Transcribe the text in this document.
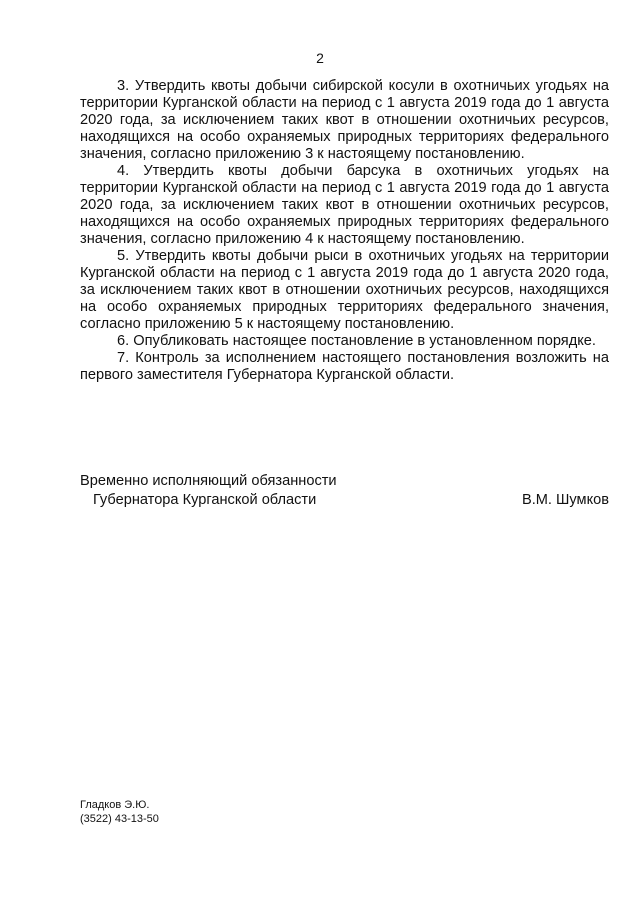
2

3. Утвердить квоты добычи сибирской косули в охотничьих угодьях на территории Курганской области на период с 1 августа 2019 года до 1 августа 2020 года, за исключением таких квот в отношении охотничьих ресурсов, находящихся на особо охраняемых природных территориях федерального значения, согласно приложению 3 к настоящему постановлению.

4. Утвердить квоты добычи барсука в охотничьих угодьях на территории Курганской области на период с 1 августа 2019 года до 1 августа 2020 года, за исключением таких квот в отношении охотничьих ресурсов, находящихся на особо охраняемых природных территориях федерального значения, согласно приложению 4 к настоящему постановлению.

5. Утвердить квоты добычи рыси в охотничьих угодьях на территории Курганской области на период с 1 августа 2019 года до 1 августа 2020 года, за исключением таких квот в отношении охотничьих ресурсов, находящихся на особо охраняемых природных территориях федерального значения, согласно приложению 5 к настоящему постановлению.

6. Опубликовать настоящее постановление в установленном порядке.

7. Контроль за исполнением настоящего постановления возложить на первого заместителя Губернатора Курганской области.

Временно исполняющий обязанности
Губернатора Курганской области	В.М. Шумков
Гладков Э.Ю.
(3522) 43-13-50
